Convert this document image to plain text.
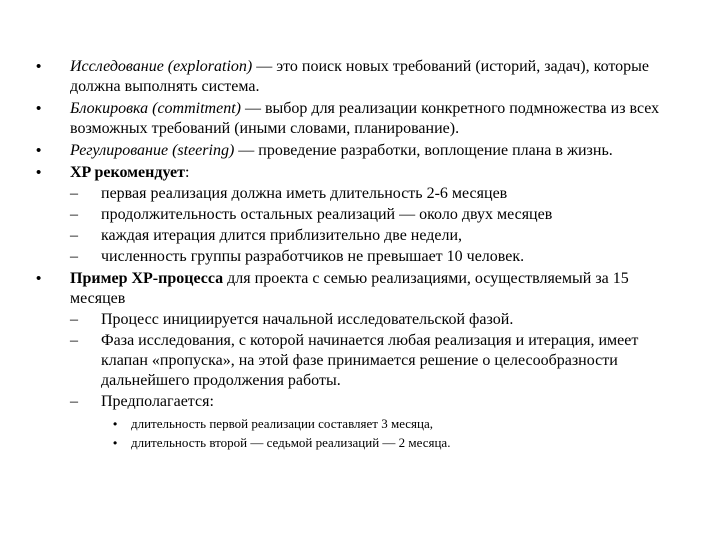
• Исследование (exploration) — это поиск новых требований (историй, задач), которые должна выполнять система.
• Блокировка (commitment) — выбор для реализации конкретного подмножества из всех возможных требований (иными словами, планирование).
• Регулирование (steering) — проведение разработки, воплощение плана в жизнь.
• XP рекомендует:
– первая реализация должна иметь длительность 2-6 месяцев
– продолжительность остальных реализаций — около двух месяцев
– каждая итерация длится приблизительно две недели,
– численность группы разработчиков не превышает 10 человек.
• Пример XP-процесса для проекта с семью реализациями, осуществляемый за 15 месяцев
– Процесс инициируется начальной исследовательской фазой.
– Фаза исследования, с которой начинается любая реализация и итерация, имеет клапан «пропуска», на этой фазе принимается решение о целесообразности дальнейшего продолжения работы.
– Предполагается:
• длительность первой реализации составляет 3 месяца,
• длительность второй — седьмой реализаций — 2 месяца.
